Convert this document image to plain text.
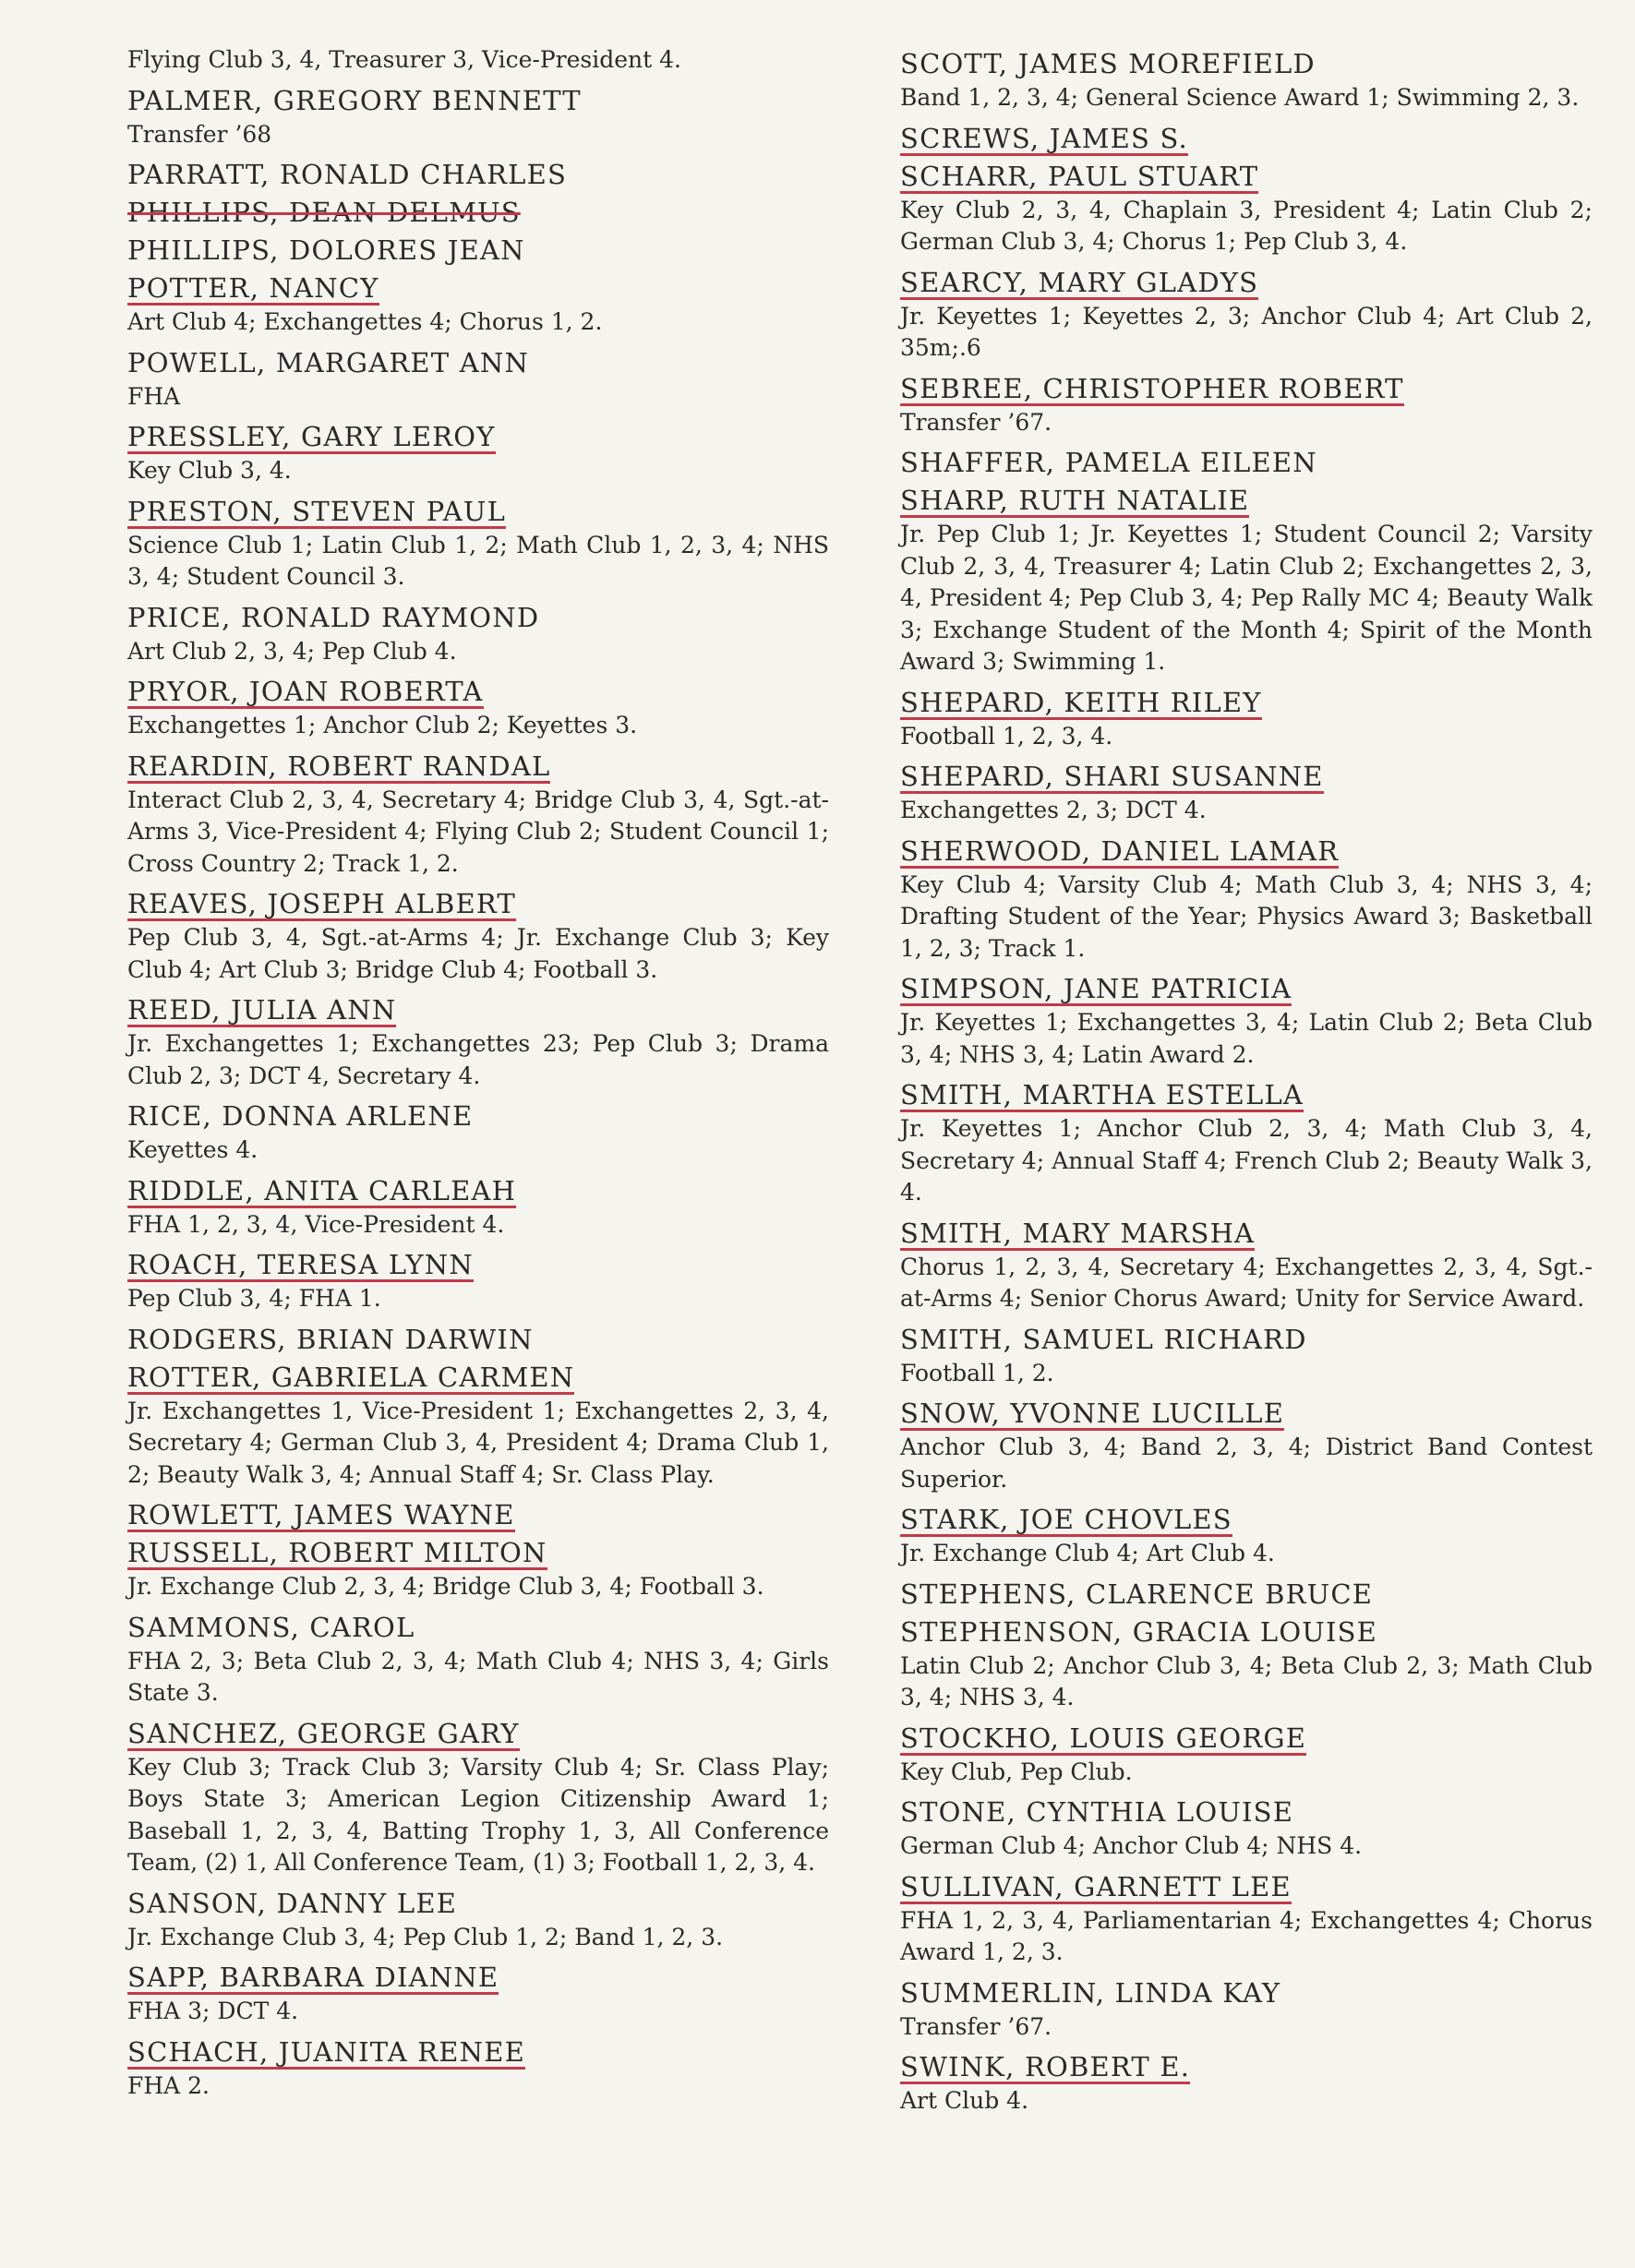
Flying Club 3, 4, Treasurer 3, Vice-President 4.
PALMER, GREGORY BENNETT
Transfer ’68
PARRATT, RONALD CHARLES
PHILLIPS, DEAN DELMUS
PHILLIPS, DOLORES JEAN
POTTER, NANCY
Art Club 4; Exchangettes 4; Chorus 1, 2.
POWELL, MARGARET ANN
FHA
PRESSLEY, GARY LEROY
Key Club 3, 4.
PRESTON, STEVEN PAUL
Science Club 1; Latin Club 1, 2; Math Club 1, 2, 3, 4; NHS 3, 4; Student Council 3.
PRICE, RONALD RAYMOND
Art Club 2, 3, 4; Pep Club 4.
PRYOR, JOAN ROBERTA
Exchangettes 1; Anchor Club 2; Keyettes 3.
REARDIN, ROBERT RANDAL
Interact Club 2, 3, 4, Secretary 4; Bridge Club 3, 4, Sgt.-at-Arms 3, Vice-President 4; Flying Club 2; Student Council 1; Cross Country 2; Track 1, 2.
REAVES, JOSEPH ALBERT
Pep Club 3, 4, Sgt.-at-Arms 4; Jr. Exchange Club 3; Key Club 4; Art Club 3; Bridge Club 4; Football 3.
REED, JULIA ANN
Jr. Exchangettes 1; Exchangettes 23; Pep Club 3; Drama Club 2, 3; DCT 4, Secretary 4.
RICE, DONNA ARLENE
Keyettes 4.
RIDDLE, ANITA CARLEAH
FHA 1, 2, 3, 4, Vice-President 4.
ROACH, TERESA LYNN
Pep Club 3, 4; FHA 1.
RODGERS, BRIAN DARWIN
ROTTER, GABRIELA CARMEN
Jr. Exchangettes 1, Vice-President 1; Exchangettes 2, 3, 4, Secretary 4; German Club 3, 4, President 4; Drama Club 1, 2; Beauty Walk 3, 4; Annual Staff 4; Sr. Class Play.
ROWLETT, JAMES WAYNE
RUSSELL, ROBERT MILTON
Jr. Exchange Club 2, 3, 4; Bridge Club 3, 4; Football 3.
SAMMONS, CAROL
FHA 2, 3; Beta Club 2, 3, 4; Math Club 4; NHS 3, 4; Girls State 3.
SANCHEZ, GEORGE GARY
Key Club 3; Track Club 3; Varsity Club 4; Sr. Class Play; Boys State 3; American Legion Citizenship Award 1; Baseball 1, 2, 3, 4, Batting Trophy 1, 3, All Conference Team, (2) 1, All Conference Team, (1) 3; Football 1, 2, 3, 4.
SANSON, DANNY LEE
Jr. Exchange Club 3, 4; Pep Club 1, 2; Band 1, 2, 3.
SAPP, BARBARA DIANNE
FHA 3; DCT 4.
SCHACH, JUANITA RENEE
FHA 2.
SCOTT, JAMES MOREFIELD
Band 1, 2, 3, 4; General Science Award 1; Swimming 2, 3.
SCREWS, JAMES S.
SCHARR, PAUL STUART
Key Club 2, 3, 4, Chaplain 3, President 4; Latin Club 2; German Club 3, 4; Chorus 1; Pep Club 3, 4.
SEARCY, MARY GLADYS
Jr. Keyettes 1; Keyettes 2, 3; Anchor Club 4; Art Club 2, 35m;.6
SEBREE, CHRISTOPHER ROBERT
Transfer ’67.
SHAFFER, PAMELA EILEEN
SHARP, RUTH NATALIE
Jr. Pep Club 1; Jr. Keyettes 1; Student Council 2; Varsity Club 2, 3, 4, Treasurer 4; Latin Club 2; Exchangettes 2, 3, 4, President 4; Pep Club 3, 4; Pep Rally MC 4; Beauty Walk 3; Exchange Student of the Month 4; Spirit of the Month Award 3; Swimming 1.
SHEPARD, KEITH RILEY
Football 1, 2, 3, 4.
SHEPARD, SHARI SUSANNE
Exchangettes 2, 3; DCT 4.
SHERWOOD, DANIEL LAMAR
Key Club 4; Varsity Club 4; Math Club 3, 4; NHS 3, 4; Drafting Student of the Year; Physics Award 3; Basketball 1, 2, 3; Track 1.
SIMPSON, JANE PATRICIA
Jr. Keyettes 1; Exchangettes 3, 4; Latin Club 2; Beta Club 3, 4; NHS 3, 4; Latin Award 2.
SMITH, MARTHA ESTELLA
Jr. Keyettes 1; Anchor Club 2, 3, 4; Math Club 3, 4, Secretary 4; Annual Staff 4; French Club 2; Beauty Walk 3, 4.
SMITH, MARY MARSHA
Chorus 1, 2, 3, 4, Secretary 4; Exchangettes 2, 3, 4, Sgt.-at-Arms 4; Senior Chorus Award; Unity for Service Award.
SMITH, SAMUEL RICHARD
Football 1, 2.
SNOW, YVONNE LUCILLE
Anchor Club 3, 4; Band 2, 3, 4; District Band Contest Superior.
STARK, JOE CHOVLES
Jr. Exchange Club 4; Art Club 4.
STEPHENS, CLARENCE BRUCE
STEPHENSON, GRACIA LOUISE
Latin Club 2; Anchor Club 3, 4; Beta Club 2, 3; Math Club 3, 4; NHS 3, 4.
STOCKHO, LOUIS GEORGE
Key Club, Pep Club.
STONE, CYNTHIA LOUISE
German Club 4; Anchor Club 4; NHS 4.
SULLIVAN, GARNETT LEE
FHA 1, 2, 3, 4, Parliamentarian 4; Exchangettes 4; Chorus Award 1, 2, 3.
SUMMERLIN, LINDA KAY
Transfer ’67.
SWINK, ROBERT E.
Art Club 4.
